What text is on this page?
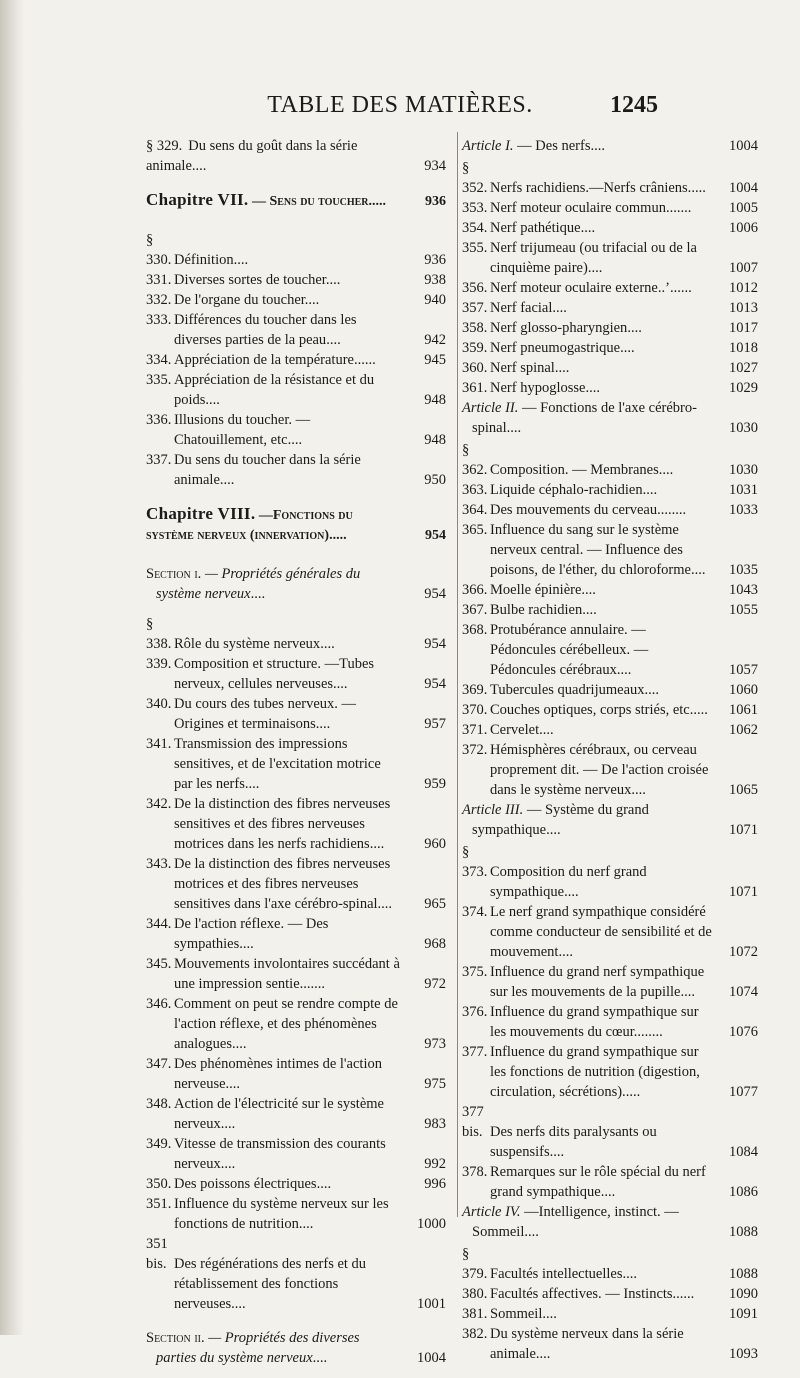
TABLE DES MATIÈRES.	1245
§ 329. Du sens du goût dans la série animale....	934
Chapitre VII. — Sens du toucher.....	936
§ 330. Définition....	936
331. Diverses sortes de toucher....	938
332. De l'organe du toucher....	940
333. Différences du toucher dans les diverses parties de la peau....	942
334. Appréciation de la température......	945
335. Appréciation de la résistance et du poids....	948
336. Illusions du toucher. — Chatouillement, etc....	948
337. Du sens du toucher dans la série animale....	950
Chapitre VIII. —Fonctions du système nerveux (innervation).....	954
Section i. — Propriétés générales du système nerveux....	954
§ 338. Rôle du système nerveux....	954
339. Composition et structure. —Tubes nerveux, cellules nerveuses....	954
340. Du cours des tubes nerveux. — Origines et terminaisons....	957
341. Transmission des impressions sensitives, et de l'excitation motrice par les nerfs....	959
342. De la distinction des fibres nerveuses sensitives et des fibres nerveuses motrices dans les nerfs rachidiens....	960
343. De la distinction des fibres nerveuses motrices et des fibres nerveuses sensitives dans l'axe cérébro-spinal....	965
344. De l'action réflexe. — Des sympathies....	968
345. Mouvements involontaires succédant à une impression sentie.......	972
346. Comment on peut se rendre compte de l'action réflexe, et des phénomènes analogues....	973
347. Des phénomènes intimes de l'action nerveuse....	975
348. Action de l'électricité sur le système nerveux....	983
349. Vitesse de transmission des courants nerveux....	992
350. Des poissons électriques....	996
351. Influence du système nerveux sur les fonctions de nutrition....	1000
351 bis. Des régénérations des nerfs et du rétablissement des fonctions nerveuses....	1001
Section ii. — Propriétés des diverses parties du système nerveux....	1004
Article I. — Des nerfs....	1004
§ 352. Nerfs rachidiens.—Nerfs crâniens.....	1004
353. Nerf moteur oculaire commun.......	1005
354. Nerf pathétique....	1006
355. Nerf trijumeau (ou trifacial ou de la cinquième paire)....	1007
356. Nerf moteur oculaire externe..’......	1012
357. Nerf facial....	1013
358. Nerf glosso-pharyngien....	1017
359. Nerf pneumogastrique....	1018
360. Nerf spinal....	1027
361. Nerf hypoglosse....	1029
Article II. — Fonctions de l'axe cérébro-spinal....	1030
§ 362. Composition. — Membranes....	1030
363. Liquide céphalo-rachidien....	1031
364. Des mouvements du cerveau........	1033
365. Influence du sang sur le système nerveux central. — Influence des poisons, de l'éther, du chloroforme....	1035
366. Moelle épinière....	1043
367. Bulbe rachidien....	1055
368. Protubérance annulaire. — Pédoncules cérébelleux. — Pédoncules cérébraux....	1057
369. Tubercules quadrijumeaux....	1060
370. Couches optiques, corps striés, etc.....	1061
371. Cervelet....	1062
372. Hémisphères cérébraux, ou cerveau proprement dit. — De l'action croisée dans le système nerveux....	1065
Article III. — Système du grand sympathique....	1071
§ 373. Composition du nerf grand sympathique....	1071
374. Le nerf grand sympathique considéré comme conducteur de sensibilité et de mouvement....	1072
375. Influence du grand nerf sympathique sur les mouvements de la pupille....	1074
376. Influence du grand sympathique sur les mouvements du cœur........	1076
377. Influence du grand sympathique sur les fonctions de nutrition (digestion, circulation, sécrétions).....	1077
377 bis. Des nerfs dits paralysants ou suspensifs....	1084
378. Remarques sur le rôle spécial du nerf grand sympathique....	1086
Article IV. —Intelligence, instinct. — Sommeil....	1088
§ 379. Facultés intellectuelles....	1088
380. Facultés affectives. — Instincts......	1090
381. Sommeil....	1091
382. Du système nerveux dans la série animale....	1093
